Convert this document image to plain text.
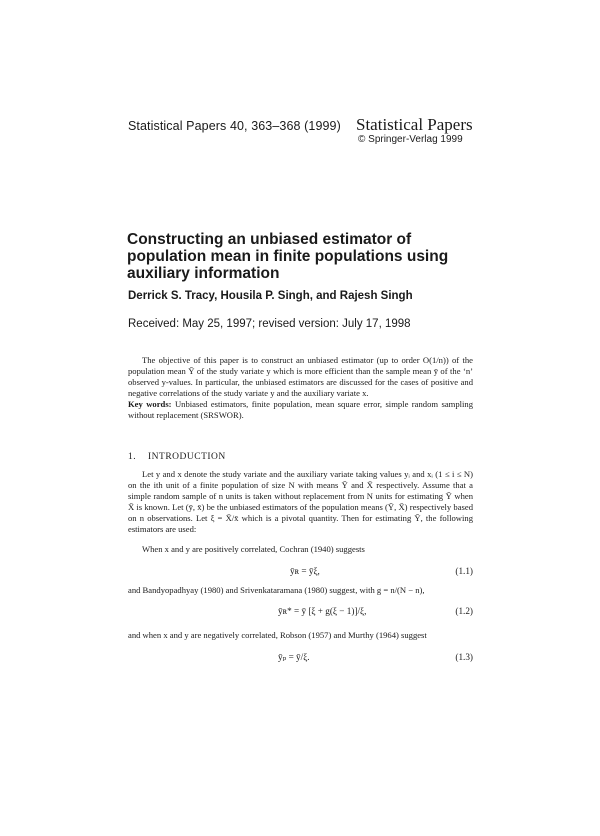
Statistical Papers 40, 363–368 (1999) Statistical Papers
© Springer-Verlag 1999
Constructing an unbiased estimator of population mean in finite populations using auxiliary information
Derrick S. Tracy, Housila P. Singh, and Rajesh Singh
Received: May 25, 1997; revised version: July 17, 1998

The objective of this paper is to construct an unbiased estimator (up to order O(1/n)) of the population mean Ȳ of the study variate y which is more efficient than the sample mean ȳ of the ‘n’ observed y-values. In particular, the unbiased estimators are discussed for the cases of positive and negative correlations of the study variate y and the auxiliary variate x.

Key words: Unbiased estimators, finite population, mean square error, simple random sampling without replacement (SRSWOR).

1. INTRODUCTION

Let y and x denote the study variate and the auxiliary variate taking values yᵢ and xᵢ (1 ≤ i ≤ N) on the ith unit of a finite population of size N with means Ȳ and X̄ respectively. Assume that a simple random sample of n units is taken without replacement from N units for estimating Ȳ when X̄ is known. Let (ȳ, x̄) be the unbiased estimators of the population means (Ȳ, X̄) respectively based on n observations. Let ξ = X̄/x̄ which is a pivotal quantity. Then for estimating Ȳ, the following estimators are used:

When x and y are positively correlated, Cochran (1940) suggests

ȳʀ = ȳξ,	(1.1)

and Bandyopadhyay (1980) and Srivenkataramana (1980) suggest, with g = n/(N − n),

ȳʀ* = ȳ [ξ + g(ξ − 1)]/ξ,	(1.2)

and when x and y are negatively correlated, Robson (1957) and Murthy (1964) suggest

ȳₚ = ȳ/ξ.	(1.3)
